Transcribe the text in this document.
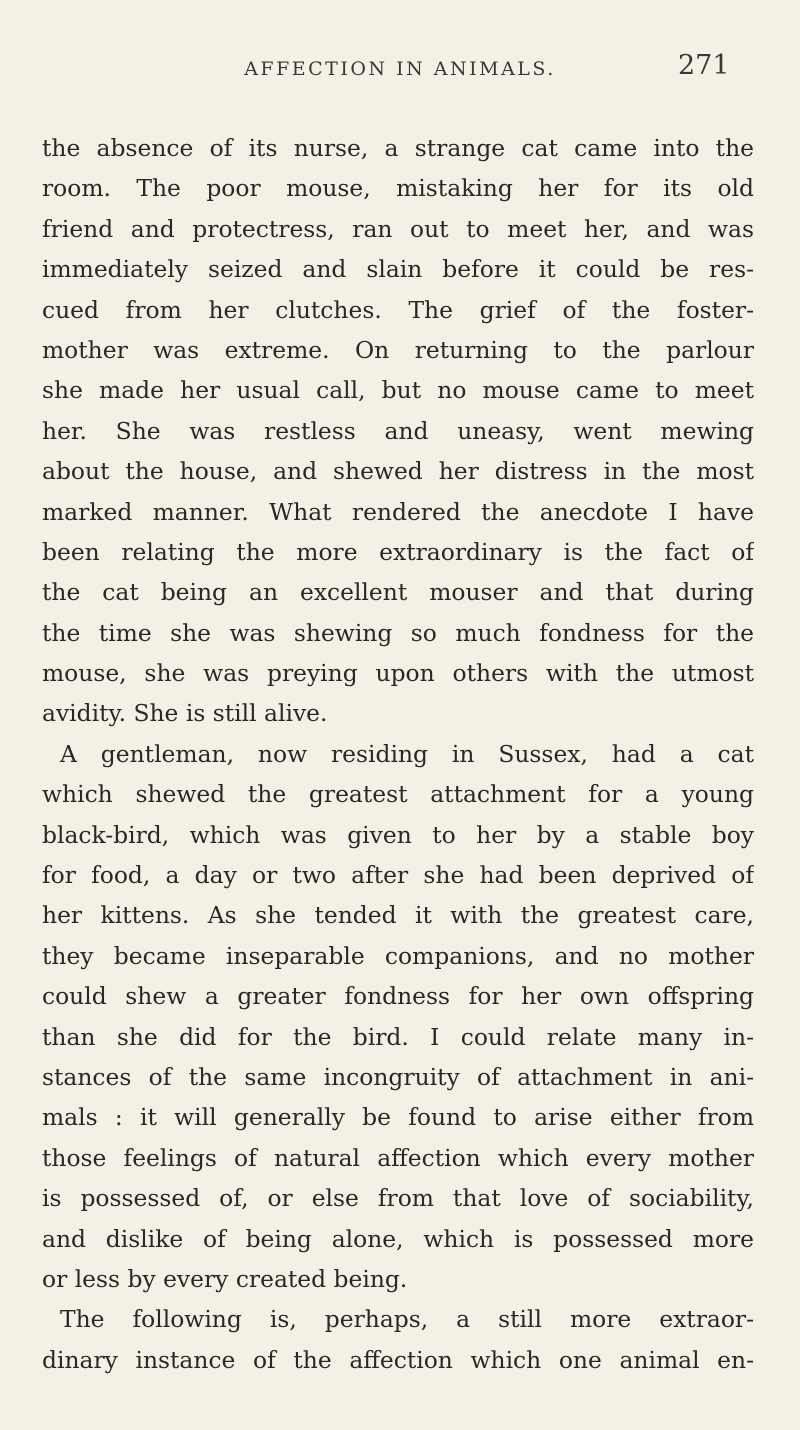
AFFECTION IN ANIMALS.	271
the absence of its nurse, a strange cat came into the
room. The poor mouse, mistaking her for its old
friend and protectress, ran out to meet her, and was
immediately seized and slain before it could be res-
cued from her clutches. The grief of the foster-
mother was extreme. On returning to the parlour
she made her usual call, but no mouse came to meet
her. She was restless and uneasy, went mewing
about the house, and shewed her distress in the most
marked manner. What rendered the anecdote I have
been relating the more extraordinary is the fact of
the cat being an excellent mouser and that during
the time she was shewing so much fondness for the
mouse, she was preying upon others with the utmost
avidity. She is still alive.
A gentleman, now residing in Sussex, had a cat
which shewed the greatest attachment for a young
black-bird, which was given to her by a stable boy
for food, a day or two after she had been deprived of
her kittens. As she tended it with the greatest care,
they became inseparable companions, and no mother
could shew a greater fondness for her own offspring
than she did for the bird. I could relate many in-
stances of the same incongruity of attachment in ani-
mals : it will generally be found to arise either from
those feelings of natural affection which every mother
is possessed of, or else from that love of sociability,
and dislike of being alone, which is possessed more
or less by every created being.
The following is, perhaps, a still more extraor-
dinary instance of the affection which one animal en-
